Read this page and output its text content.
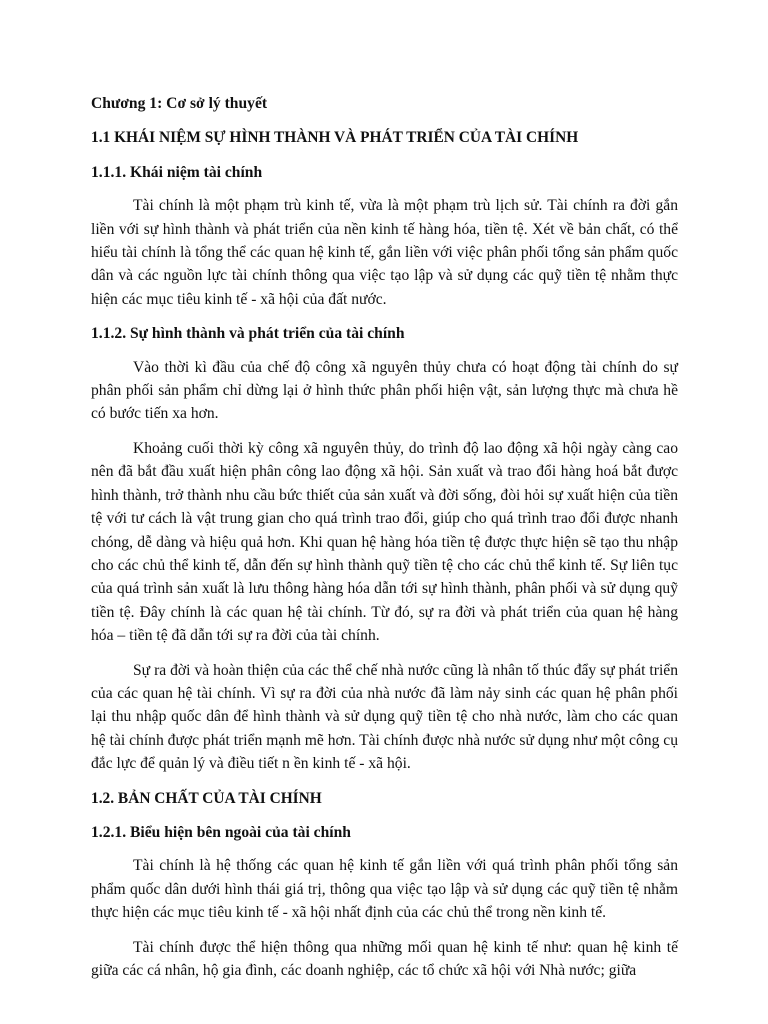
Chương 1: Cơ sở lý thuyết

1.1 KHÁI NIỆM SỰ HÌNH THÀNH VÀ PHÁT TRIỂN CỦA TÀI CHÍNH

1.1.1. Khái niệm tài chính

Tài chính là một phạm trù kinh tế, vừa là một phạm trù lịch sử. Tài chính ra đời gắn liền với sự hình thành và phát triển của nền kinh tế hàng hóa, tiền tệ. Xét về bản chất, có thể hiểu tài chính là tổng thể các quan hệ kinh tế, gắn liền với việc phân phối tổng sản phẩm quốc dân và các nguồn lực tài chính thông qua việc tạo lập và sử dụng các quỹ tiền tệ nhằm thực hiện các mục tiêu kinh tế - xã hội của đất nước.

1.1.2. Sự hình thành và phát triển của tài chính

Vào thời kì đầu của chế độ công xã nguyên thủy chưa có hoạt động tài chính do sự phân phối sản phẩm chỉ dừng lại ở hình thức phân phối hiện vật, sản lượng thực mà chưa hề có bước tiến xa hơn.

Khoảng cuối thời kỳ công xã nguyên thủy, do trình độ lao động xã hội ngày càng cao nên đã bắt đầu xuất hiện phân công lao động xã hội. Sản xuất và trao đổi hàng hoá bắt được hình thành, trở thành nhu cầu bức thiết của sản xuất và đời sống, đòi hỏi sự xuất hiện của tiền tệ với tư cách là vật trung gian cho quá trình trao đổi, giúp cho quá trình trao đổi được nhanh chóng, dễ dàng và hiệu quả hơn. Khi quan hệ hàng hóa tiền tệ được thực hiện sẽ tạo thu nhập cho các chủ thể kinh tế, dẫn đến sự hình thành quỹ tiền tệ cho các chủ thể kinh tế. Sự liên tục của quá trình sản xuất là lưu thông hàng hóa dẫn tới sự hình thành, phân phối và sử dụng quỹ tiền tệ. Đây chính là các quan hệ tài chính. Từ đó, sự ra đời và phát triển của quan hệ hàng hóa – tiền tệ đã dẫn tới sự ra đời của tài chính.

Sự ra đời và hoàn thiện của các thể chế nhà nước cũng là nhân tố thúc đẩy sự phát triển của các quan hệ tài chính. Vì sự ra đời của nhà nước đã làm nảy sinh các quan hệ phân phối lại thu nhập quốc dân để hình thành và sử dụng quỹ tiền tệ cho nhà nước, làm cho các quan hệ tài chính được phát triển mạnh mẽ hơn. Tài chính được nhà nước sử dụng như một công cụ đắc lực để quản lý và điều tiết n ền kinh tế - xã hội.

1.2. BẢN CHẤT CỦA TÀI CHÍNH

1.2.1. Biểu hiện bên ngoài của tài chính

Tài chính là hệ thống các quan hệ kinh tế gắn liền với quá trình phân phối tổng sản phẩm quốc dân dưới hình thái giá trị, thông qua việc tạo lập và sử dụng các quỹ tiền tệ nhằm thực hiện các mục tiêu kinh tế - xã hội nhất định của các chủ thể trong nền kinh tế.

Tài chính được thể hiện thông qua những mối quan hệ kinh tế như: quan hệ kinh tế giữa các cá nhân, hộ gia đình, các doanh nghiệp, các tổ chức xã hội với Nhà nước; giữa
